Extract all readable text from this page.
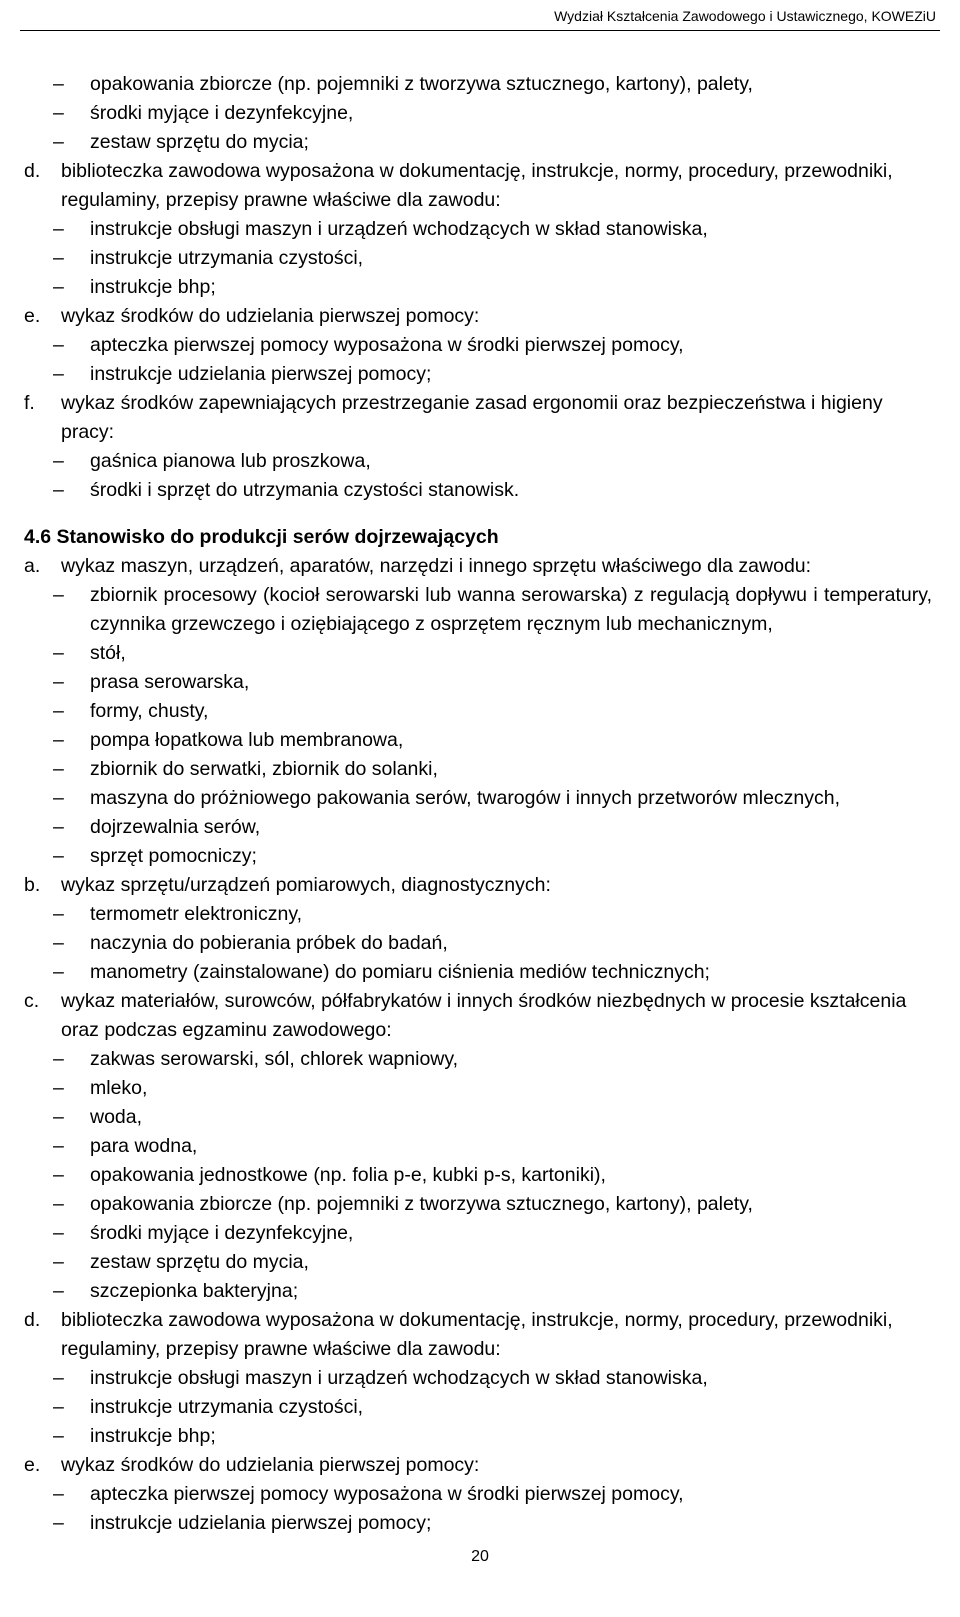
Wydział Kształcenia Zawodowego i Ustawicznego, KOWEZiU
– opakowania zbiorcze (np. pojemniki z tworzywa sztucznego, kartony), palety,
– środki myjące i dezynfekcyjne,
– zestaw sprzętu do mycia;
d.	biblioteczka zawodowa wyposażona w dokumentację, instrukcje, normy, procedury, przewodniki, regulaminy, przepisy prawne właściwe dla zawodu:
– instrukcje obsługi maszyn i urządzeń wchodzących w skład stanowiska,
– instrukcje utrzymania czystości,
– instrukcje bhp;
e.	wykaz środków do udzielania pierwszej pomocy:
– apteczka pierwszej pomocy wyposażona w środki pierwszej pomocy,
– instrukcje udzielania pierwszej pomocy;
f.	wykaz środków zapewniających przestrzeganie zasad ergonomii oraz bezpieczeństwa i higieny pracy:
– gaśnica pianowa lub proszkowa,
– środki i sprzęt do utrzymania czystości stanowisk.
4.6 Stanowisko do produkcji serów dojrzewających
a.	wykaz maszyn, urządzeń, aparatów, narzędzi i innego sprzętu właściwego dla zawodu:
– zbiornik procesowy (kocioł serowarski lub wanna serowarska) z regulacją dopływu i temperatury, czynnika grzewczego i oziębiającego z osprzętem ręcznym lub mechanicznym,
– stół,
– prasa serowarska,
– formy, chusty,
– pompa łopatkowa lub membranowa,
– zbiornik do serwatki, zbiornik do solanki,
– maszyna do próżniowego pakowania serów, twarogów i innych przetworów mlecznych,
– dojrzewalnia serów,
– sprzęt pomocniczy;
b.	wykaz sprzętu/urządzeń pomiarowych, diagnostycznych:
– termometr elektroniczny,
– naczynia do pobierania próbek do badań,
– manometry (zainstalowane) do pomiaru ciśnienia mediów technicznych;
c.	wykaz materiałów, surowców, półfabrykatów i innych środków niezbędnych w procesie kształcenia oraz podczas egzaminu zawodowego:
– zakwas serowarski, sól, chlorek wapniowy,
– mleko,
– woda,
– para wodna,
– opakowania jednostkowe (np. folia p-e, kubki p-s, kartoniki),
– opakowania zbiorcze (np. pojemniki z tworzywa sztucznego, kartony), palety,
– środki myjące i dezynfekcyjne,
– zestaw sprzętu do mycia,
– szczepionka bakteryjna;
d.	biblioteczka zawodowa wyposażona w dokumentację, instrukcje, normy, procedury, przewodniki, regulaminy, przepisy prawne właściwe dla zawodu:
– instrukcje obsługi maszyn i urządzeń wchodzących w skład stanowiska,
– instrukcje utrzymania czystości,
– instrukcje bhp;
e.	wykaz środków do udzielania pierwszej pomocy:
– apteczka pierwszej pomocy wyposażona w środki pierwszej pomocy,
– instrukcje udzielania pierwszej pomocy;
20
